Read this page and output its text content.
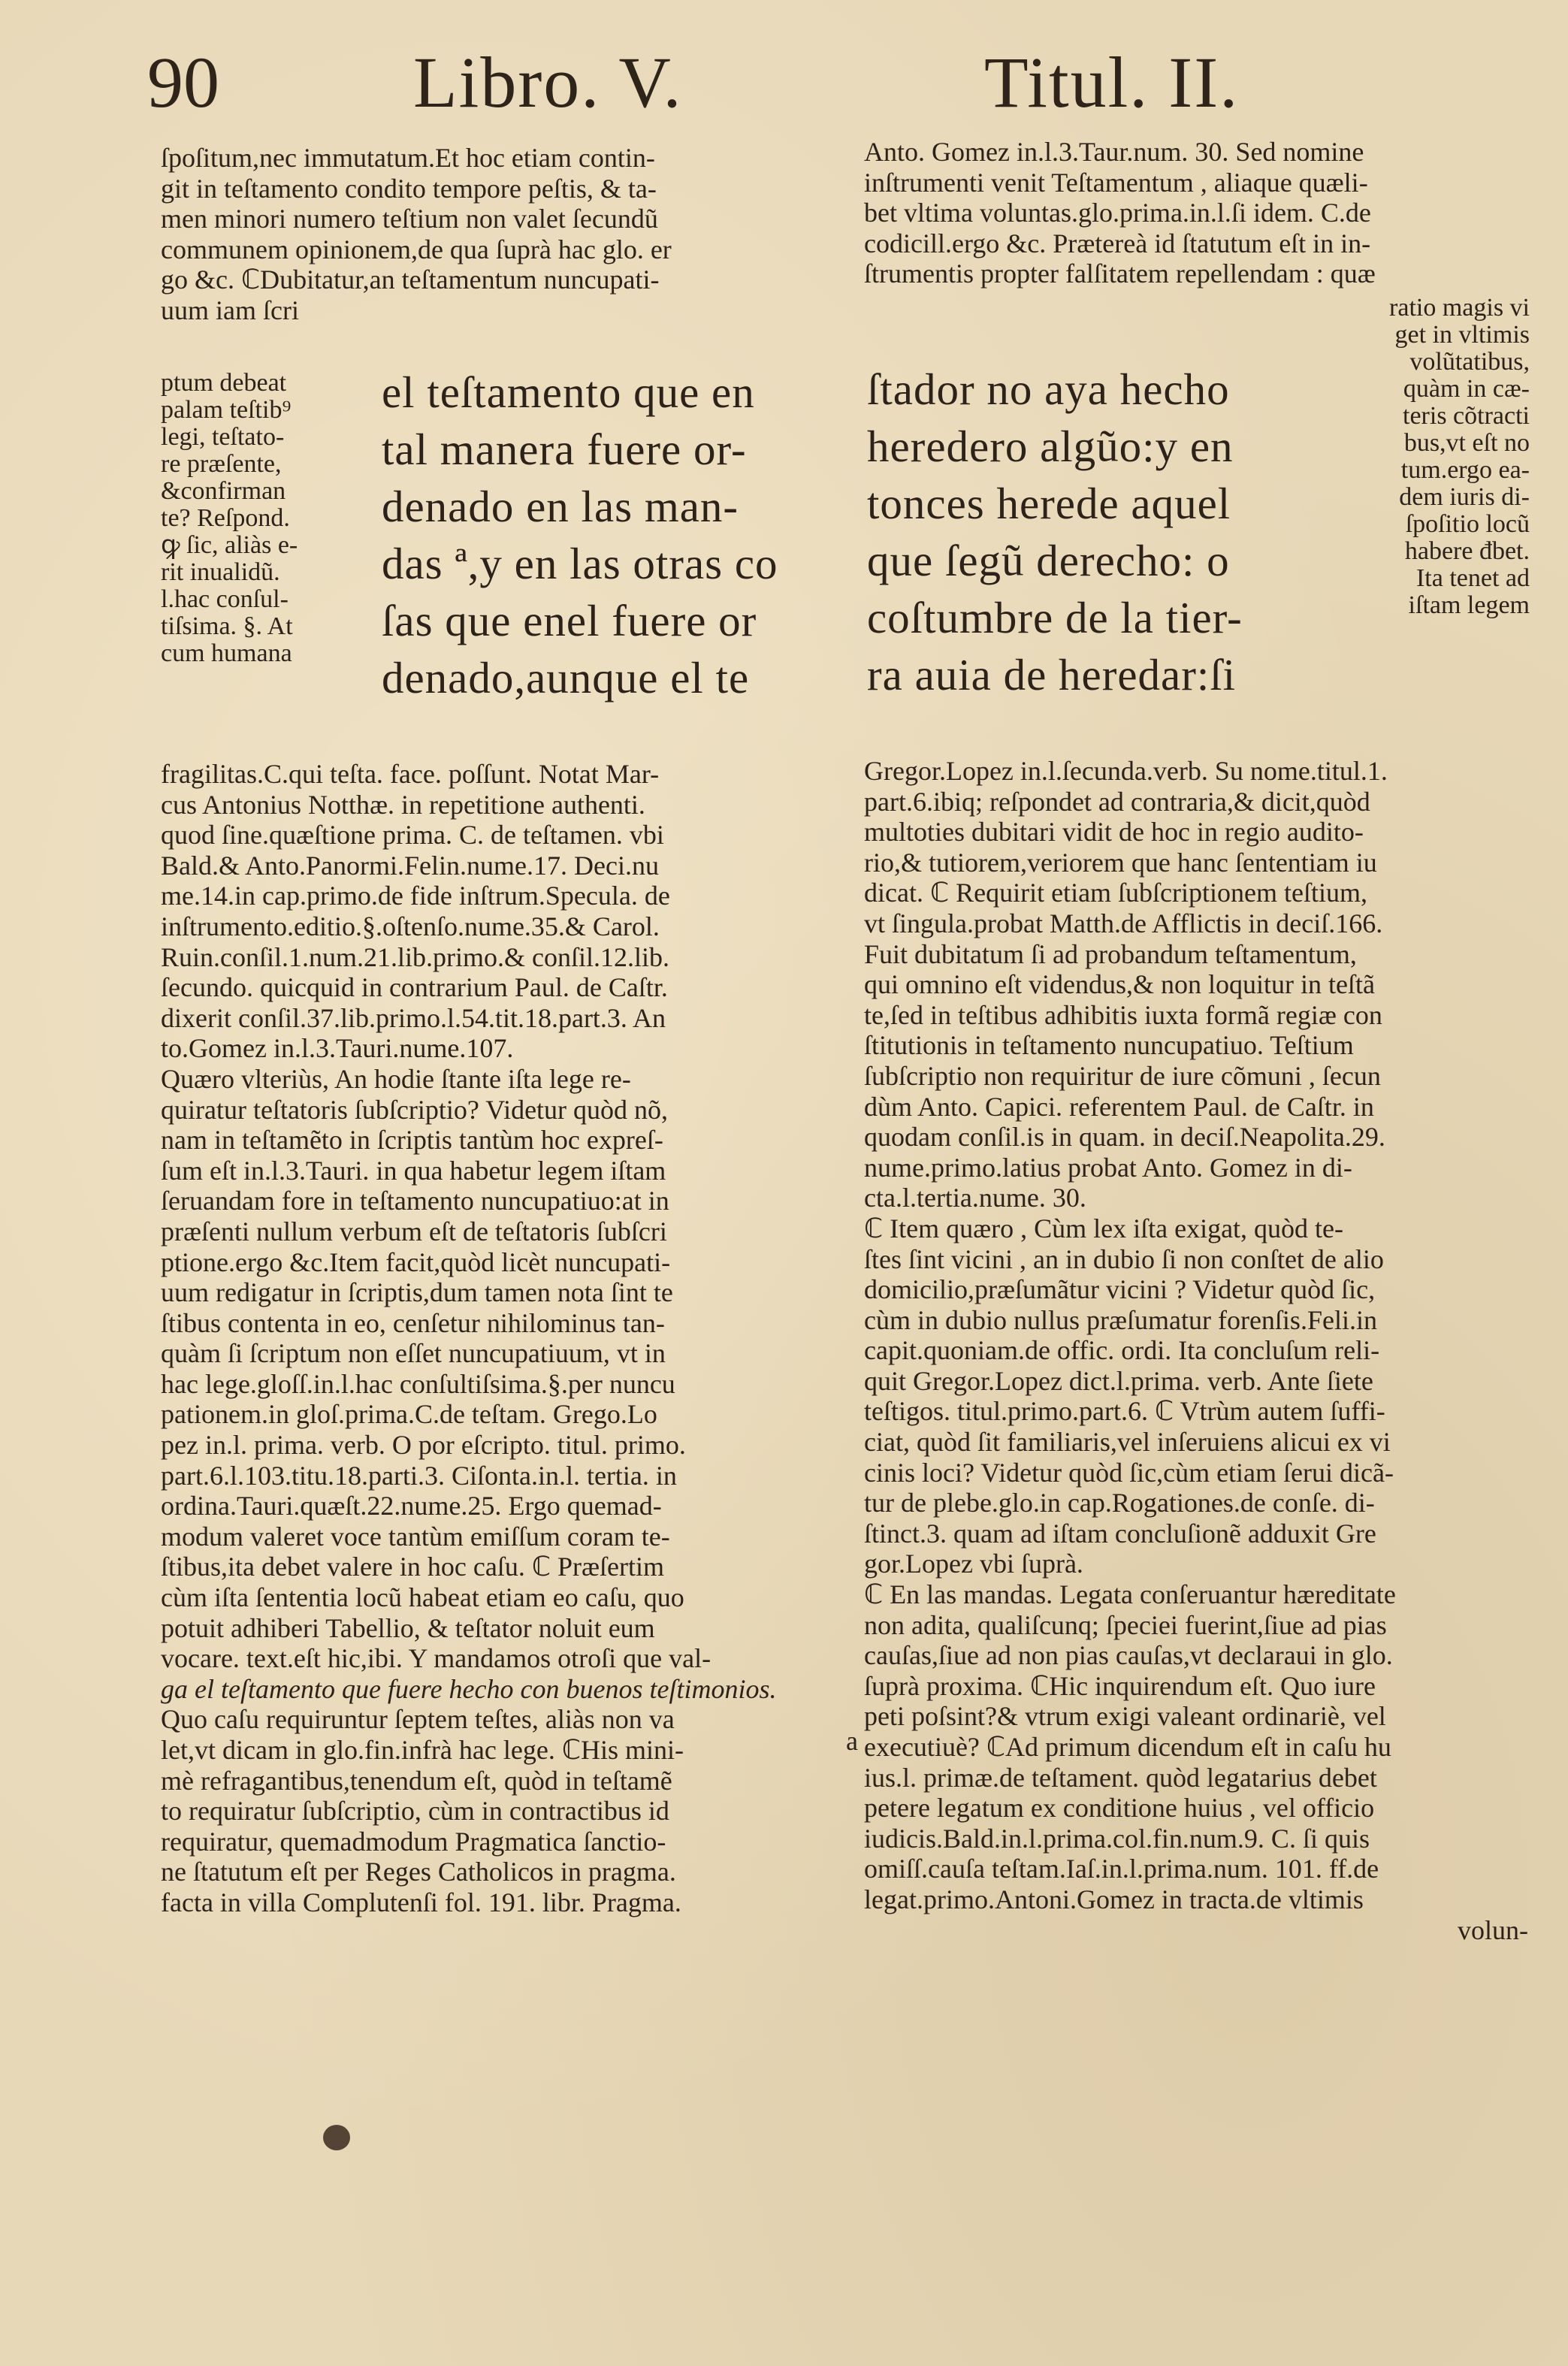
90	Libro. V.	Titul. II.

ſpoſitum,nec immutatum.Et hoc etiam contin-

git in teſtamento condito tempore peſtis, & ta-

men minori numero teſtium non valet ſecundũ

communem opinionem,de qua ſuprà hac glo. er

go &c. ℂDubitatur,an teſtamentum nuncupati-

uum iam ſcri

ptum debeat

palam teſtib⁹

legi, teſtato-

re præſente,

&confirman

te? Reſpond.

ꝙ ſic, aliàs e-

rit inualidũ.

l.hac conſul-

tiſsima. §. At

cum humana

el teſtamento que en

tal manera fuere or-

denado en las man-

das ª,y en las otras co

ſas que enel fuere or

denado,aunque el te

fragilitas.C.qui teſta. face. poſſunt. Notat Mar-

cus Antonius Notthæ. in repetitione authenti.

quod ſine.quæſtione prima. C. de teſtamen. vbi

Bald.& Anto.Panormi.Felin.nume.17. Deci.nu

me.14.in cap.primo.de fide inſtrum.Specula. de

inſtrumento.editio.§.oſtenſo.nume.35.& Carol.

Ruin.conſil.1.num.21.lib.primo.& conſil.12.lib.

ſecundo. quicquid in contrarium Paul. de Caſtr.

dixerit conſil.37.lib.primo.l.54.tit.18.part.3. An

to.Gomez in.l.3.Tauri.nume.107.

Quæro vlteriùs, An hodie ſtante iſta lege re-

quiratur teſtatoris ſubſcriptio? Videtur quòd nõ,

nam in teſtamẽto in ſcriptis tantùm hoc expreſ-

ſum eſt in.l.3.Tauri. in qua habetur legem iſtam

ſeruandam fore in teſtamento nuncupatiuo:at in

præſenti nullum verbum eſt de teſtatoris ſubſcri

ptione.ergo &c.Item facit,quòd licèt nuncupati-

uum redigatur in ſcriptis,dum tamen nota ſint te

ſtibus contenta in eo, cenſetur nihilominus tan-

quàm ſi ſcriptum non eſſet nuncupatiuum, vt in

hac lege.gloſſ.in.l.hac conſultiſsima.§.per nuncu

pationem.in gloſ.prima.C.de teſtam. Grego.Lo

pez in.l. prima. verb. O por eſcripto. titul. primo.

part.6.l.103.titu.18.parti.3. Ciſonta.in.l. tertia. in

ordina.Tauri.quæſt.22.nume.25. Ergo quemad-

modum valeret voce tantùm emiſſum coram te-

ſtibus,ita debet valere in hoc caſu. ℂ Præſertim

cùm iſta ſententia locũ habeat etiam eo caſu, quo

potuit adhiberi Tabellio, & teſtator noluit eum

vocare. text.eſt hic,ibi. Y mandamos otroſi que val-

ga el teſtamento que fuere hecho con buenos teſtimonios.

Quo caſu requiruntur ſeptem teſtes, aliàs non va

let,vt dicam in glo.fin.infrà hac lege. ℂHis mini-

mè refragantibus,tenendum eſt, quòd in teſtamẽ

to requiratur ſubſcriptio, cùm in contractibus id

requiratur, quemadmodum Pragmatica ſanctio-

ne ſtatutum eſt per Reges Catholicos in pragma.

facta in villa Complutenſi fol. 191. libr. Pragma.

Anto. Gomez in.l.3.Taur.num. 30. Sed nomine

inſtrumenti venit Teſtamentum , aliaque quæli-

bet vltima voluntas.glo.prima.in.l.ſi idem. C.de

codicill.ergo &c. Prætereà id ſtatutum eſt in in-

ſtrumentis propter falſitatem repellendam : quæ

ſtador no aya hecho

heredero algũo:y en

tonces herede aquel

que ſegũ derecho: o

coſtumbre de la tier-

ra auia de heredar:ſi

ratio magis vi

get in vltimis

volũtatibus,

quàm in cæ-

teris cõtracti

bus,vt eſt no

tum.ergo ea-

dem iuris di-

ſpoſitio locũ

habere đbet.

Ita tenet ad

iſtam legem

Gregor.Lopez in.l.ſecunda.verb. Su nome.titul.1.

part.6.ibiq; reſpondet ad contraria,& dicit,quòd

multoties dubitari vidit de hoc in regio audito-

rio,& tutiorem,veriorem que hanc ſententiam iu

dicat. ℂ Requirit etiam ſubſcriptionem teſtium,

vt ſingula.probat Matth.de Afflictis in deciſ.166.

Fuit dubitatum ſi ad probandum teſtamentum,

qui omnino eſt videndus,& non loquitur in teſtã

te,ſed in teſtibus adhibitis iuxta formã regiæ con

ſtitutionis in teſtamento nuncupatiuo. Teſtium

ſubſcriptio non requiritur de iure cõmuni , ſecun

dùm Anto. Capici. referentem Paul. de Caſtr. in

quodam conſil.is in quam. in deciſ.Neapolita.29.

nume.primo.latius probat Anto. Gomez in di-

cta.l.tertia.nume. 30.

ℂ Item quæro , Cùm lex iſta exigat, quòd te-

ſtes ſint vicini , an in dubio ſi non conſtet de alio

domicilio,præſumãtur vicini ? Videtur quòd ſic,

cùm in dubio nullus præſumatur forenſis.Feli.in

capit.quoniam.de offic. ordi. Ita concluſum reli-

quit Gregor.Lopez dict.l.prima. verb. Ante ſiete

teſtigos. titul.primo.part.6. ℂ Vtrùm autem ſuffi-

ciat, quòd ſit familiaris,vel inſeruiens alicui ex vi

cinis loci? Videtur quòd ſic,cùm etiam ſerui dicã-

tur de plebe.glo.in cap.Rogationes.de conſe. di-

ſtinct.3. quam ad iſtam concluſionẽ adduxit Gre

gor.Lopez vbi ſuprà.

ℂ En las mandas. Legata conſeruantur hæreditate

non adita, qualiſcunq; ſpeciei fuerint,ſiue ad pias

cauſas,ſiue ad non pias cauſas,vt declaraui in glo.

ſuprà proxima. ℂHic inquirendum eſt. Quo iure

peti poſsint?& vtrum exigi valeant ordinariè, vel

executiuè? ℂAd primum dicendum eſt in caſu hu

ius.l. primæ.de teſtament. quòd legatarius debet

petere legatum ex conditione huius , vel officio

iudicis.Bald.in.l.prima.col.fin.num.9. C. ſi quis

omiſſ.cauſa teſtam.Iaſ.in.l.prima.num. 101. ff.de

legat.primo.Antoni.Gomez in tracta.de vltimis

volun-

a
